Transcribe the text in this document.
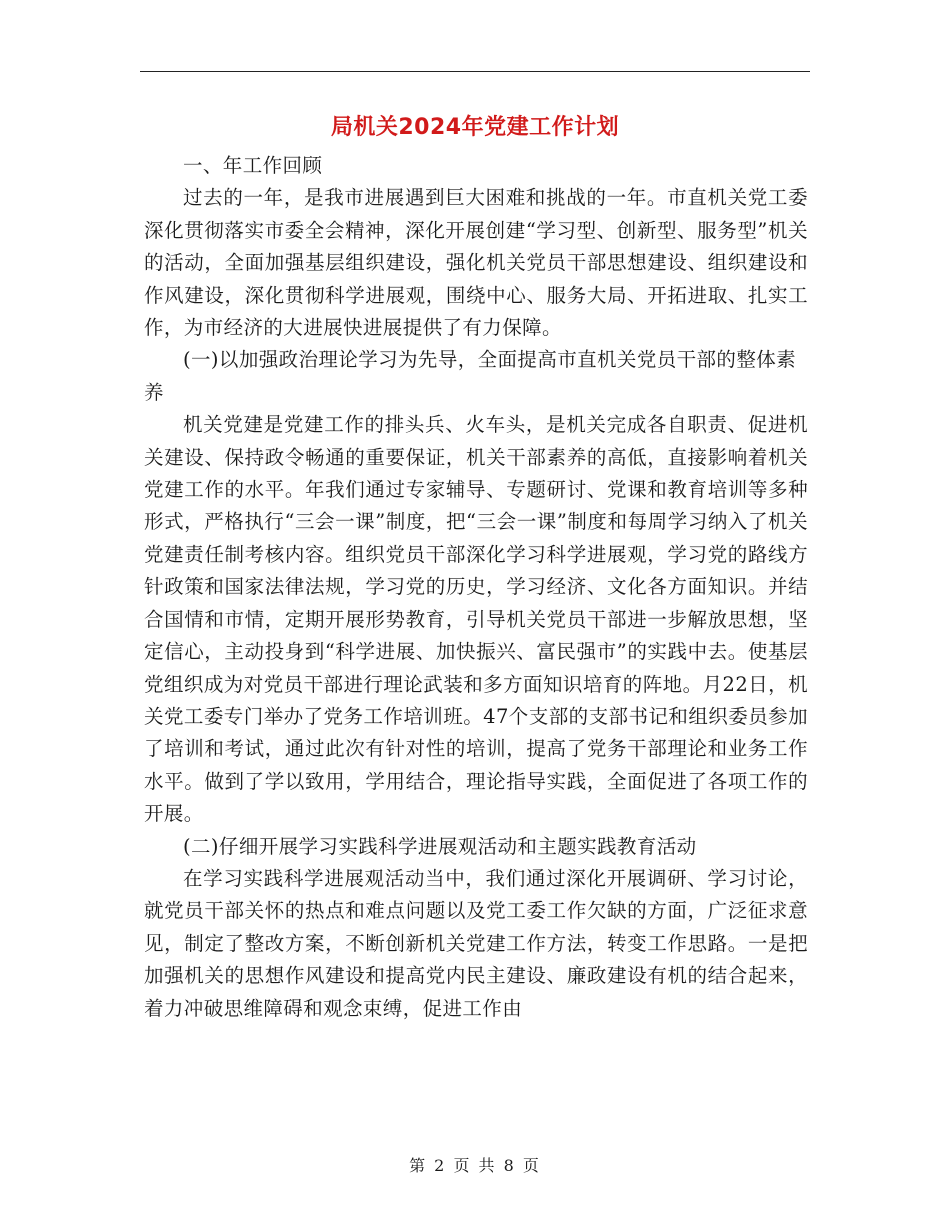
局机关2024年党建工作计划

一、年工作回顾

过去的一年，是我市进展遇到巨大困难和挑战的一年。市直机关党工委深化贯彻落实市委全会精神，深化开展创建“学习型、创新型、服务型”机关的活动，全面加强基层组织建设，强化机关党员干部思想建设、组织建设和作风建设，深化贯彻科学进展观，围绕中心、服务大局、开拓进取、扎实工作，为市经济的大进展快进展提供了有力保障。

(一)以加强政治理论学习为先导，全面提高市直机关党员干部的整体素养

机关党建是党建工作的排头兵、火车头，是机关完成各自职责、促进机关建设、保持政令畅通的重要保证，机关干部素养的高低，直接影响着机关党建工作的水平。年我们通过专家辅导、专题研讨、党课和教育培训等多种形式，严格执行“三会一课”制度，把“三会一课”制度和每周学习纳入了机关党建责任制考核内容。组织党员干部深化学习科学进展观，学习党的路线方针政策和国家法律法规，学习党的历史，学习经济、文化各方面知识。并结合国情和市情，定期开展形势教育，引导机关党员干部进一步解放思想，坚定信心，主动投身到“科学进展、加快振兴、富民强市”的实践中去。使基层党组织成为对党员干部进行理论武装和多方面知识培育的阵地。月22日，机关党工委专门举办了党务工作培训班。47个支部的支部书记和组织委员参加了培训和考试，通过此次有针对性的培训，提高了党务干部理论和业务工作水平。做到了学以致用，学用结合，理论指导实践，全面促进了各项工作的开展。

(二)仔细开展学习实践科学进展观活动和主题实践教育活动

在学习实践科学进展观活动当中，我们通过深化开展调研、学习讨论，就党员干部关怀的热点和难点问题以及党工委工作欠缺的方面，广泛征求意见，制定了整改方案，不断创新机关党建工作方法，转变工作思路。一是把加强机关的思想作风建设和提高党内民主建设、廉政建设有机的结合起来，着力冲破思维障碍和观念束缚，促进工作由

第 2 页 共 8 页
